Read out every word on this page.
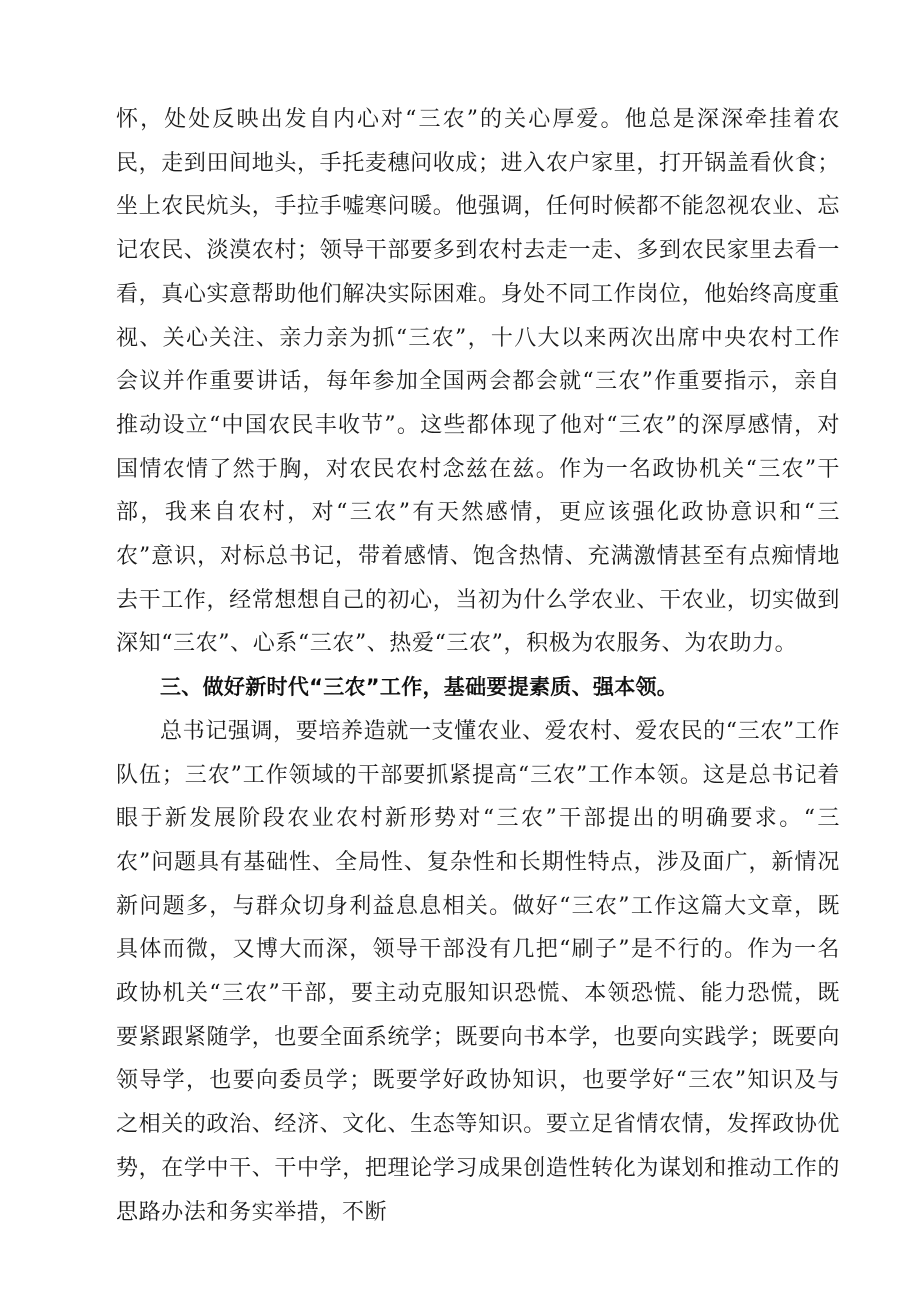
怀，处处反映出发自内心对“三农”的关心厚爱。他总是深深牵挂着农民，走到田间地头，手托麦穗问收成；进入农户家里，打开锅盖看伙食；坐上农民炕头，手拉手嘘寒问暖。他强调，任何时候都不能忽视农业、忘记农民、淡漠农村；领导干部要多到农村去走一走、多到农民家里去看一看，真心实意帮助他们解决实际困难。身处不同工作岗位，他始终高度重视、关心关注、亲力亲为抓“三农”，十八大以来两次出席中央农村工作会议并作重要讲话，每年参加全国两会都会就“三农”作重要指示，亲自推动设立“中国农民丰收节”。这些都体现了他对“三农”的深厚感情，对国情农情了然于胸，对农民农村念兹在兹。作为一名政协机关“三农”干部，我来自农村，对“三农”有天然感情，更应该强化政协意识和“三农”意识，对标总书记，带着感情、饱含热情、充满激情甚至有点痴情地去干工作，经常想想自己的初心，当初为什么学农业、干农业，切实做到深知“三农”、心系“三农”、热爱“三农”，积极为农服务、为农助力。

三、做好新时代“三农”工作，基础要提素质、强本领。

总书记强调，要培养造就一支懂农业、爱农村、爱农民的“三农”工作队伍；三农”工作领域的干部要抓紧提高“三农”工作本领。这是总书记着眼于新发展阶段农业农村新形势对“三农”干部提出的明确要求。“三农”问题具有基础性、全局性、复杂性和长期性特点，涉及面广，新情况新问题多，与群众切身利益息息相关。做好“三农”工作这篇大文章，既具体而微，又博大而深，领导干部没有几把“刷子”是不行的。作为一名政协机关“三农”干部，要主动克服知识恐慌、本领恐慌、能力恐慌，既要紧跟紧随学，也要全面系统学；既要向书本学，也要向实践学；既要向领导学，也要向委员学；既要学好政协知识，也要学好“三农”知识及与之相关的政治、经济、文化、生态等知识。要立足省情农情，发挥政协优势，在学中干、干中学，把理论学习成果创造性转化为谋划和推动工作的思路办法和务实举措，不断
